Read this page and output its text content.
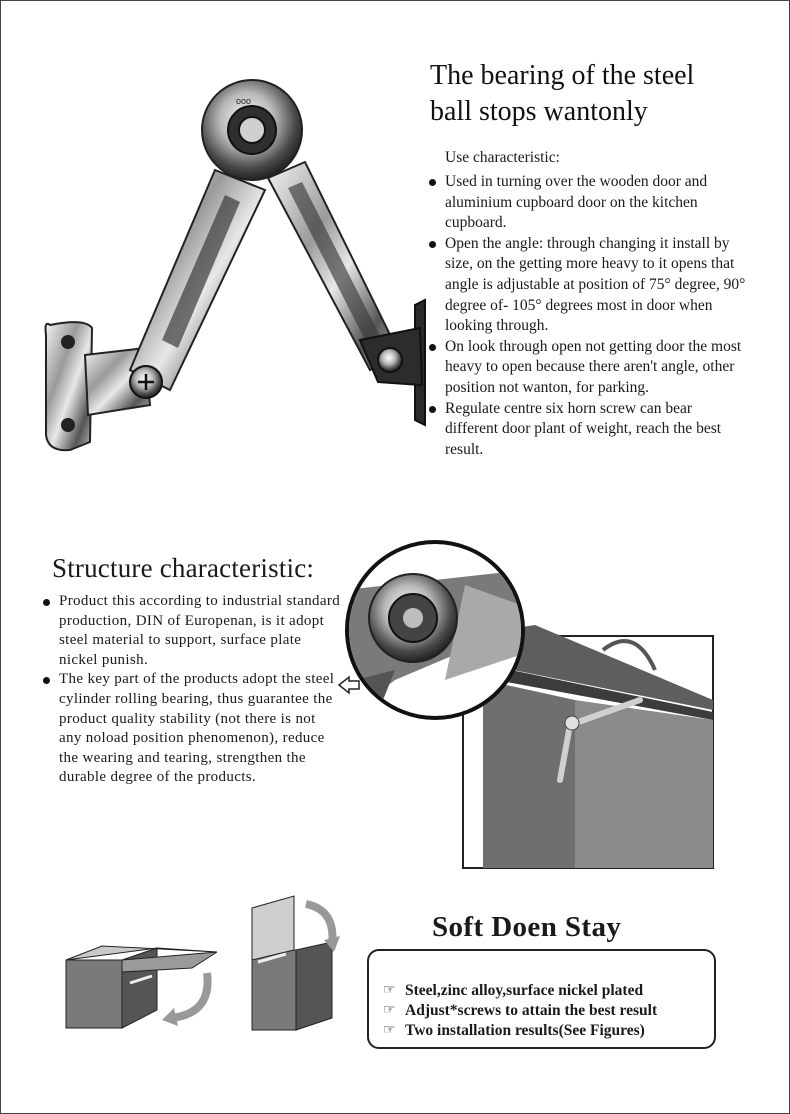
ooo
The bearing of the steel
ball stops wantonly
Use characteristic:
Used in turning over the wooden door and aluminium cupboard door on the kitchen cupboard.
Open the angle: through changing it install by size, on the getting more heavy to it opens that angle is adjustable at position of 75° degree, 90° degree of- 105° degrees most in door when looking through.
On look through open not getting door the most heavy to open because there aren't angle, other position not wanton, for parking.
Regulate centre six horn screw can bear different door plant of weight, reach the best result.
Structure characteristic:
Product this according to industrial standard production, DIN of Europenan, is it adopt steel material to support, surface plate nickel punish.
The key part of the products adopt the steel cylinder rolling bearing, thus guarantee the product quality stability (not there is not any noload position phenomenon), reduce the wearing and tearing, strengthen the durable degree of the products.
Soft Doen Stay
☞ Steel,zinc alloy,surface nickel plated
☞ Adjust*screws to attain the best result
☞ Two installation results(See Figures)
